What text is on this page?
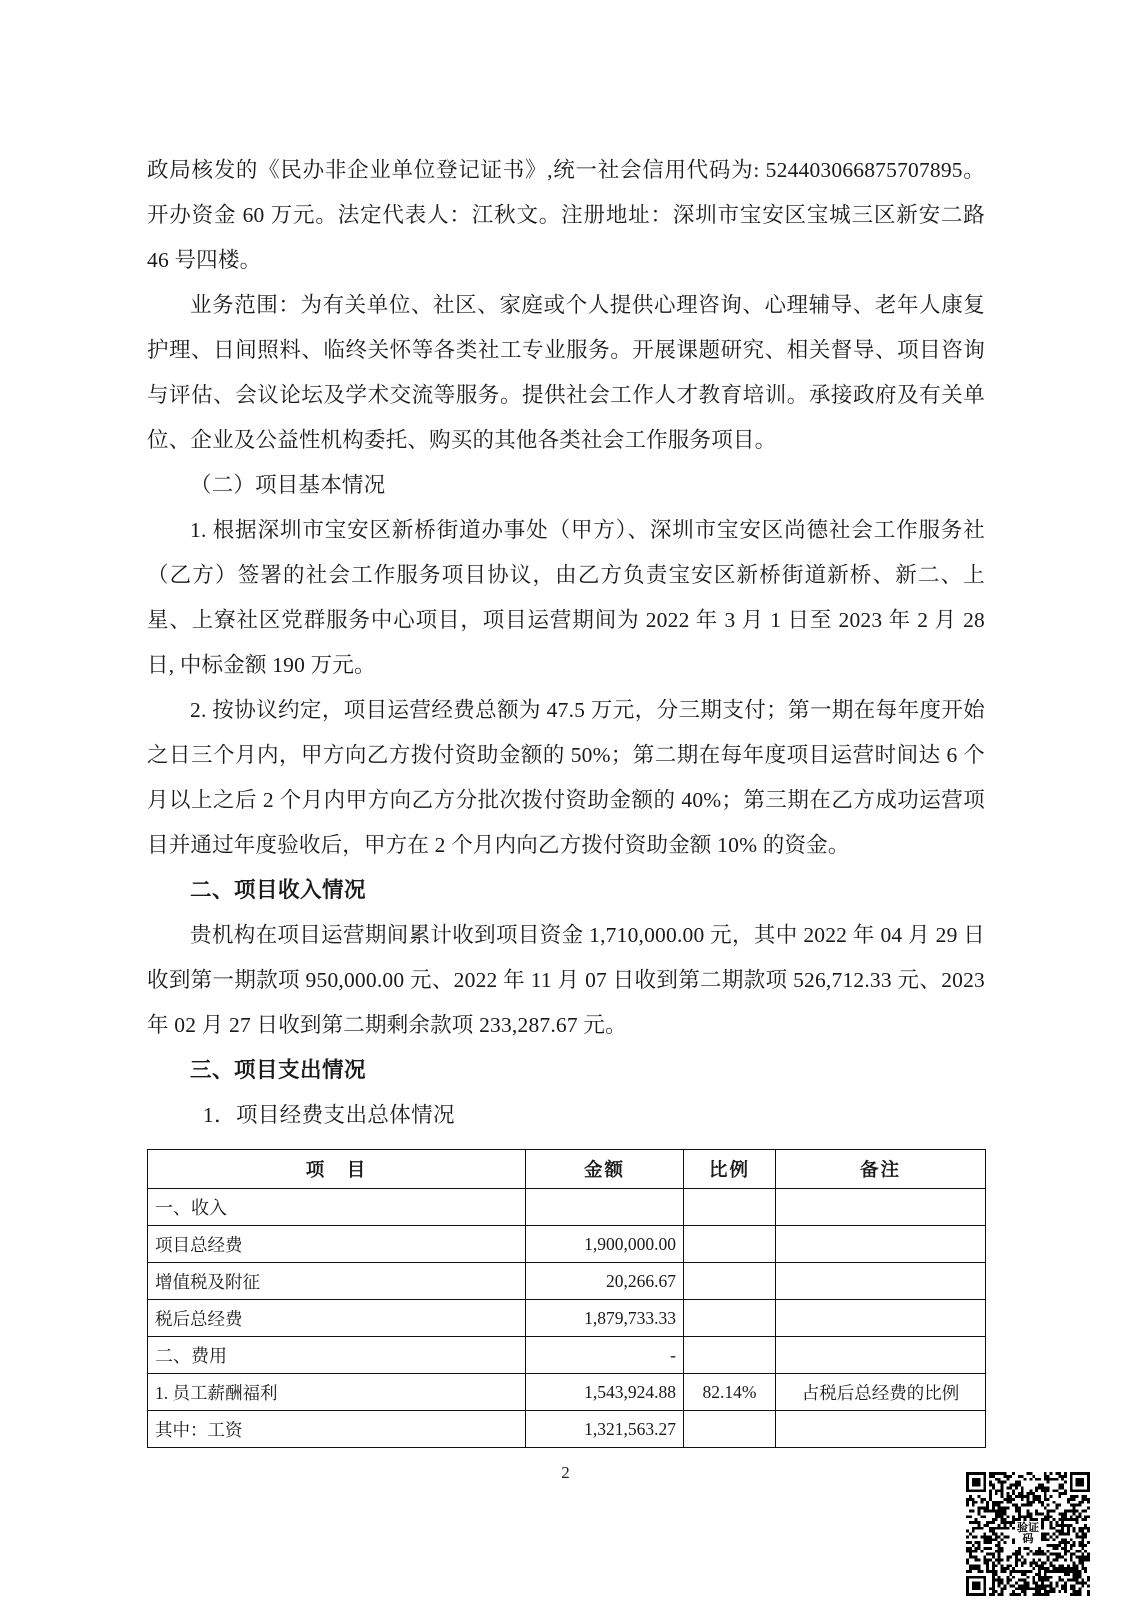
政局核发的《民办非企业单位登记证书》,统一社会信用代码为: 524403066875707895。开办资金 60 万元。法定代表人：江秋文。注册地址：深圳市宝安区宝城三区新安二路 46 号四楼。

业务范围：为有关单位、社区、家庭或个人提供心理咨询、心理辅导、老年人康复护理、日间照料、临终关怀等各类社工专业服务。开展课题研究、相关督导、项目咨询与评估、会议论坛及学术交流等服务。提供社会工作人才教育培训。承接政府及有关单位、企业及公益性机构委托、购买的其他各类社会工作服务项目。

（二）项目基本情况

1. 根据深圳市宝安区新桥街道办事处（甲方）、深圳市宝安区尚德社会工作服务社（乙方）签署的社会工作服务项目协议，由乙方负责宝安区新桥街道新桥、新二、上星、上寮社区党群服务中心项目，项目运营期间为 2022 年 3 月 1 日至 2023 年 2 月 28 日, 中标金额 190 万元。

2. 按协议约定，项目运营经费总额为 47.5 万元，分三期支付；第一期在每年度开始之日三个月内，甲方向乙方拨付资助金额的 50%；第二期在每年度项目运营时间达 6 个月以上之后 2 个月内甲方向乙方分批次拨付资助金额的 40%；第三期在乙方成功运营项目并通过年度验收后，甲方在 2 个月内向乙方拨付资助金额 10% 的资金。

二、项目收入情况

贵机构在项目运营期间累计收到项目资金 1,710,000.00 元，其中 2022 年 04 月 29 日收到第一期款项 950,000.00 元、2022 年 11 月 07 日收到第二期款项 526,712.33 元、2023 年 02 月 27 日收到第二期剩余款项 233,287.67 元。

三、项目支出情况

1．项目经费支出总体情况

项　目	金额	比例	备注
一、收入			
项目总经费	1,900,000.00		
增值税及附征	20,266.67		
税后总经费	1,879,733.33		
二、费用	-		
1. 员工薪酬福利	1,543,924.88	82.14%	占税后总经费的比例
其中：工资	1,321,563.27		
2
验证码
